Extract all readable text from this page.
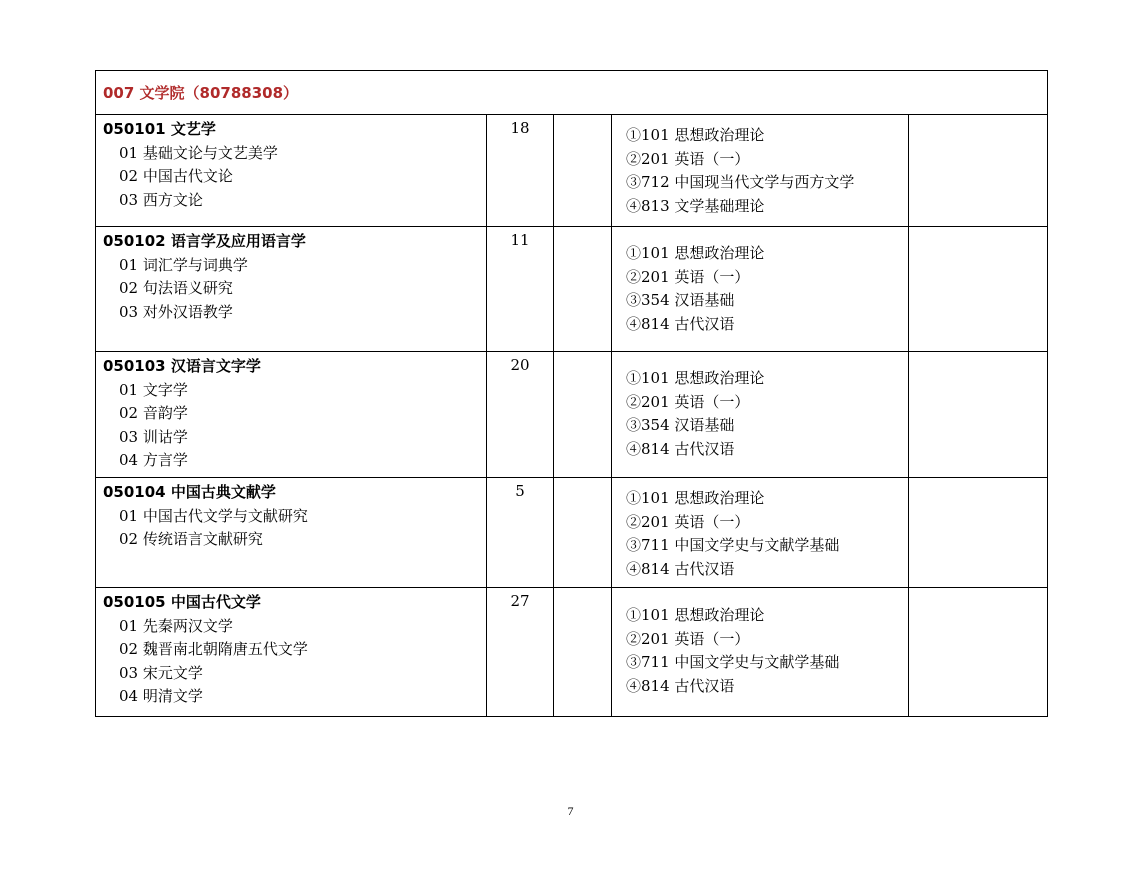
007 文学院（80788308）				
050101 文艺学
01 基础文论与文艺美学
02 中国古代文论
03 西方文论	18		①101 思想政治理论
②201 英语（一）
③712 中国现当代文学与西方文学
④813 文学基础理论	

050102 语言学及应用语言学
01 词汇学与词典学
02 句法语义研究
03 对外汉语教学	11		①101 思想政治理论
②201 英语（一）
③354 汉语基础
④814 古代汉语	

050103 汉语言文字学
01 文字学
02 音韵学
03 训诂学
04 方言学	20		①101 思想政治理论
②201 英语（一）
③354 汉语基础
④814 古代汉语	

050104 中国古典文献学
01 中国古代文学与文献研究
02 传统语言文献研究	5		①101 思想政治理论
②201 英语（一）
③711 中国文学史与文献学基础
④814 古代汉语	

050105 中国古代文学
01 先秦两汉文学
02 魏晋南北朝隋唐五代文学
03 宋元文学
04 明清文学	27		①101 思想政治理论
②201 英语（一）
③711 中国文学史与文献学基础
④814 古代汉语	

7
